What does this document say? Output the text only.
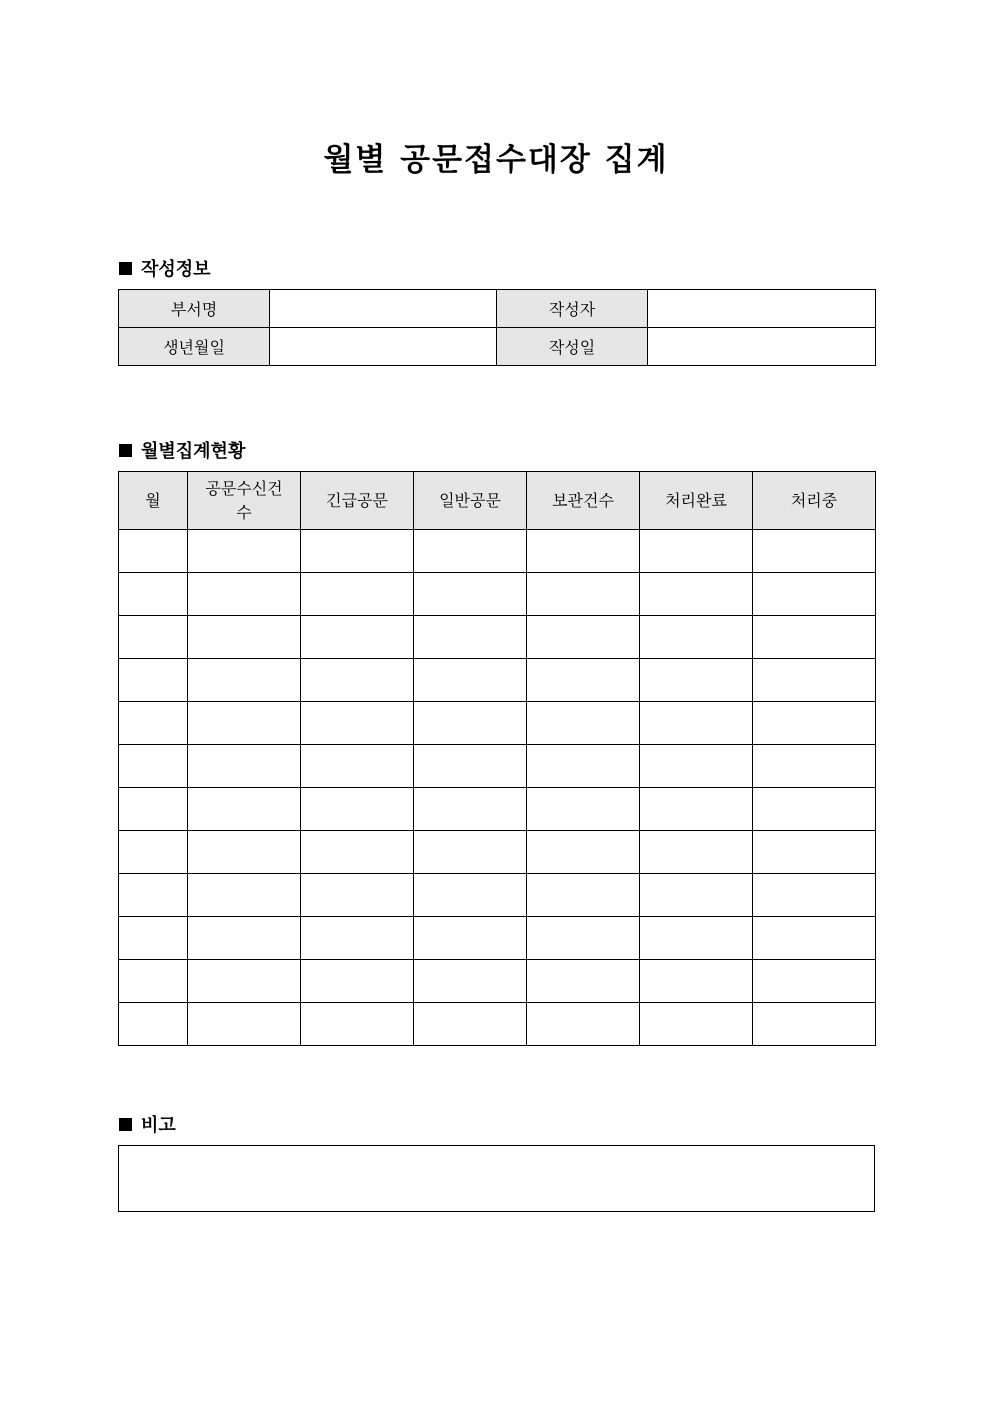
월별 공문접수대장 집계
작성정보
부서명		작성자	
생년월일		작성일	
월별집계현황
월	공문수신건수	긴급공문	일반공문	보관건수	처리완료	처리중

비고
